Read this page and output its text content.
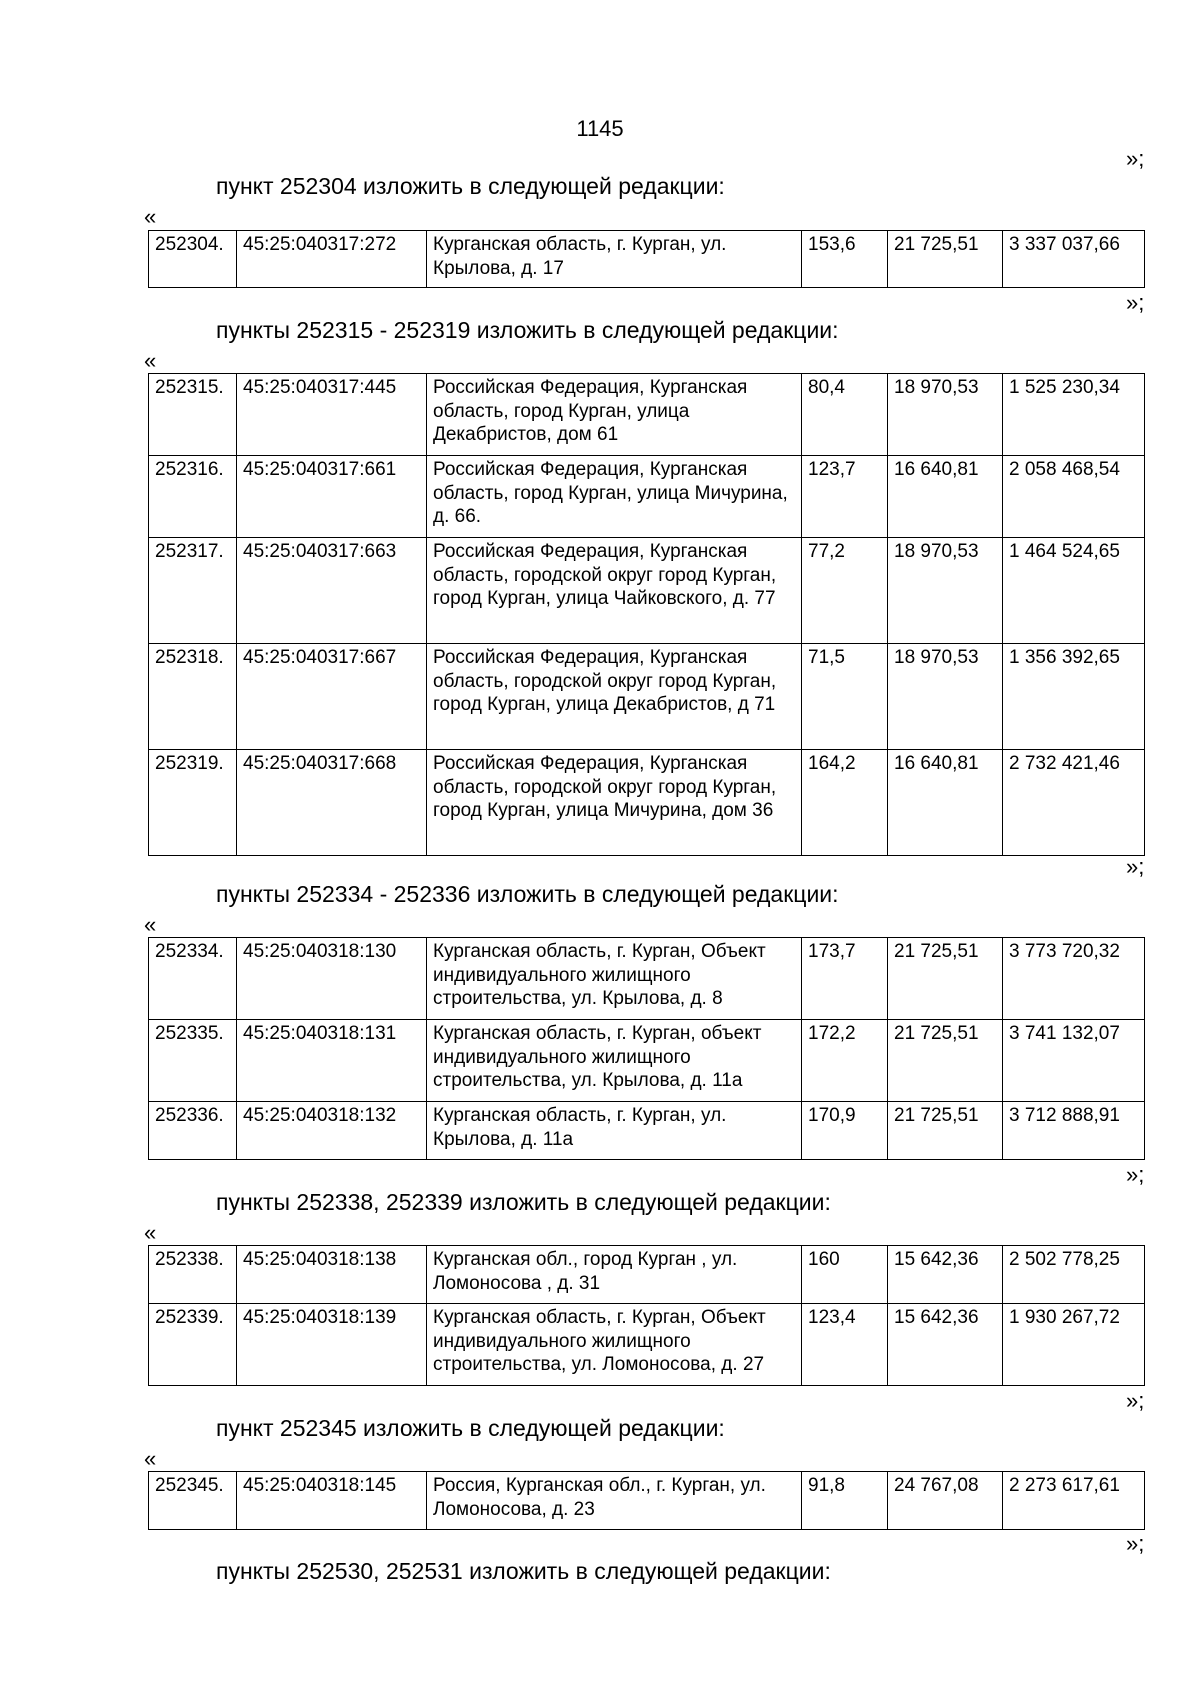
1145
»;
пункт 252304 изложить в следующей редакции:
«
252304.	45:25:040317:272	Курганская область, г. Курган, ул. Крылова, д. 17	153,6	21 725,51	3 337 037,66
»;
пункты 252315 - 252319 изложить в следующей редакции:
«
252315.	45:25:040317:445	Российская Федерация, Курганская область, город Курган, улица Декабристов, дом 61	80,4	18 970,53	1 525 230,34
252316.	45:25:040317:661	Российская Федерация, Курганская область, город Курган, улица Мичурина, д. 66.	123,7	16 640,81	2 058 468,54
252317.	45:25:040317:663	Российская Федерация, Курганская область, городской округ город Курган, город Курган, улица Чайковского, д. 77	77,2	18 970,53	1 464 524,65
252318.	45:25:040317:667	Российская Федерация, Курганская область, городской округ город Курган, город Курган, улица Декабристов, д 71	71,5	18 970,53	1 356 392,65
252319.	45:25:040317:668	Российская Федерация, Курганская область, городской округ город Курган, город Курган, улица Мичурина, дом 36	164,2	16 640,81	2 732 421,46
»;
пункты 252334 - 252336 изложить в следующей редакции:
«
252334.	45:25:040318:130	Курганская область, г. Курган, Объект индивидуального жилищного строительства, ул. Крылова, д. 8	173,7	21 725,51	3 773 720,32
252335.	45:25:040318:131	Курганская область, г. Курган, объект индивидуального жилищного строительства, ул. Крылова, д. 11а	172,2	21 725,51	3 741 132,07
252336.	45:25:040318:132	Курганская область, г. Курган, ул. Крылова, д. 11а	170,9	21 725,51	3 712 888,91
»;
пункты 252338, 252339 изложить в следующей редакции:
«
252338.	45:25:040318:138	Курганская обл., город Курган , ул. Ломоносова , д. 31	160	15 642,36	2 502 778,25
252339.	45:25:040318:139	Курганская область, г. Курган, Объект индивидуального жилищного строительства, ул. Ломоносова, д. 27	123,4	15 642,36	1 930 267,72
»;
пункт 252345 изложить в следующей редакции:
«
252345.	45:25:040318:145	Россия, Курганская обл., г. Курган, ул. Ломоносова, д. 23	91,8	24 767,08	2 273 617,61
»;
пункты 252530, 252531 изложить в следующей редакции:
